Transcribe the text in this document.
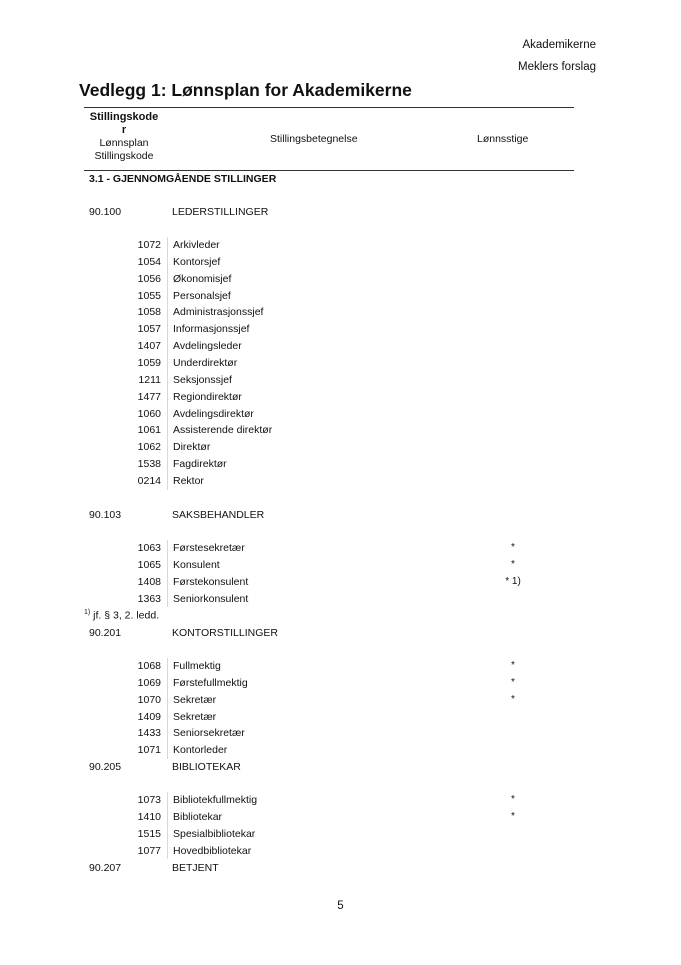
Akademikerne
Meklers forslag
Vedlegg 1: Lønnsplan for Akademikerne
Stillingskode
r
Lønnsplan
Stillingskode
Stillingsbetegnelse	Lønnsstige
3.1 - GJENNOMGÅENDE STILLINGER
90.100	LEDERSTILLINGER
1072 Arkivleder
1054 Kontorsjef
1056 Økonomisjef
1055 Personalsjef
1058 Administrasjonssjef
1057 Informasjonssjef
1407 Avdelingsleder
1059 Underdirektør
1211 Seksjonssjef
1477 Regiondirektør
1060 Avdelingsdirektør
1061 Assisterende direktør
1062 Direktør
1538 Fagdirektør
0214 Rektor
90.103	SAKSBEHANDLER
1063 Førstesekretær	*
1065 Konsulent	*
1408 Førstekonsulent	* 1)
1363 Seniorkonsulent
$^{1)}$ jf. § 3, 2. ledd.
90.201	KONTORSTILLINGER
1068 Fullmektig	*
1069 Førstefullmektig	*
1070 Sekretær	*
1409 Sekretær
1433 Seniorsekretær
1071 Kontorleder
90.205	BIBLIOTEKAR
1073 Bibliotekfullmektig	*
1410 Bibliotekar	*
1515 Spesialbibliotekar
1077 Hovedbibliotekar
90.207	BETJENT
5
